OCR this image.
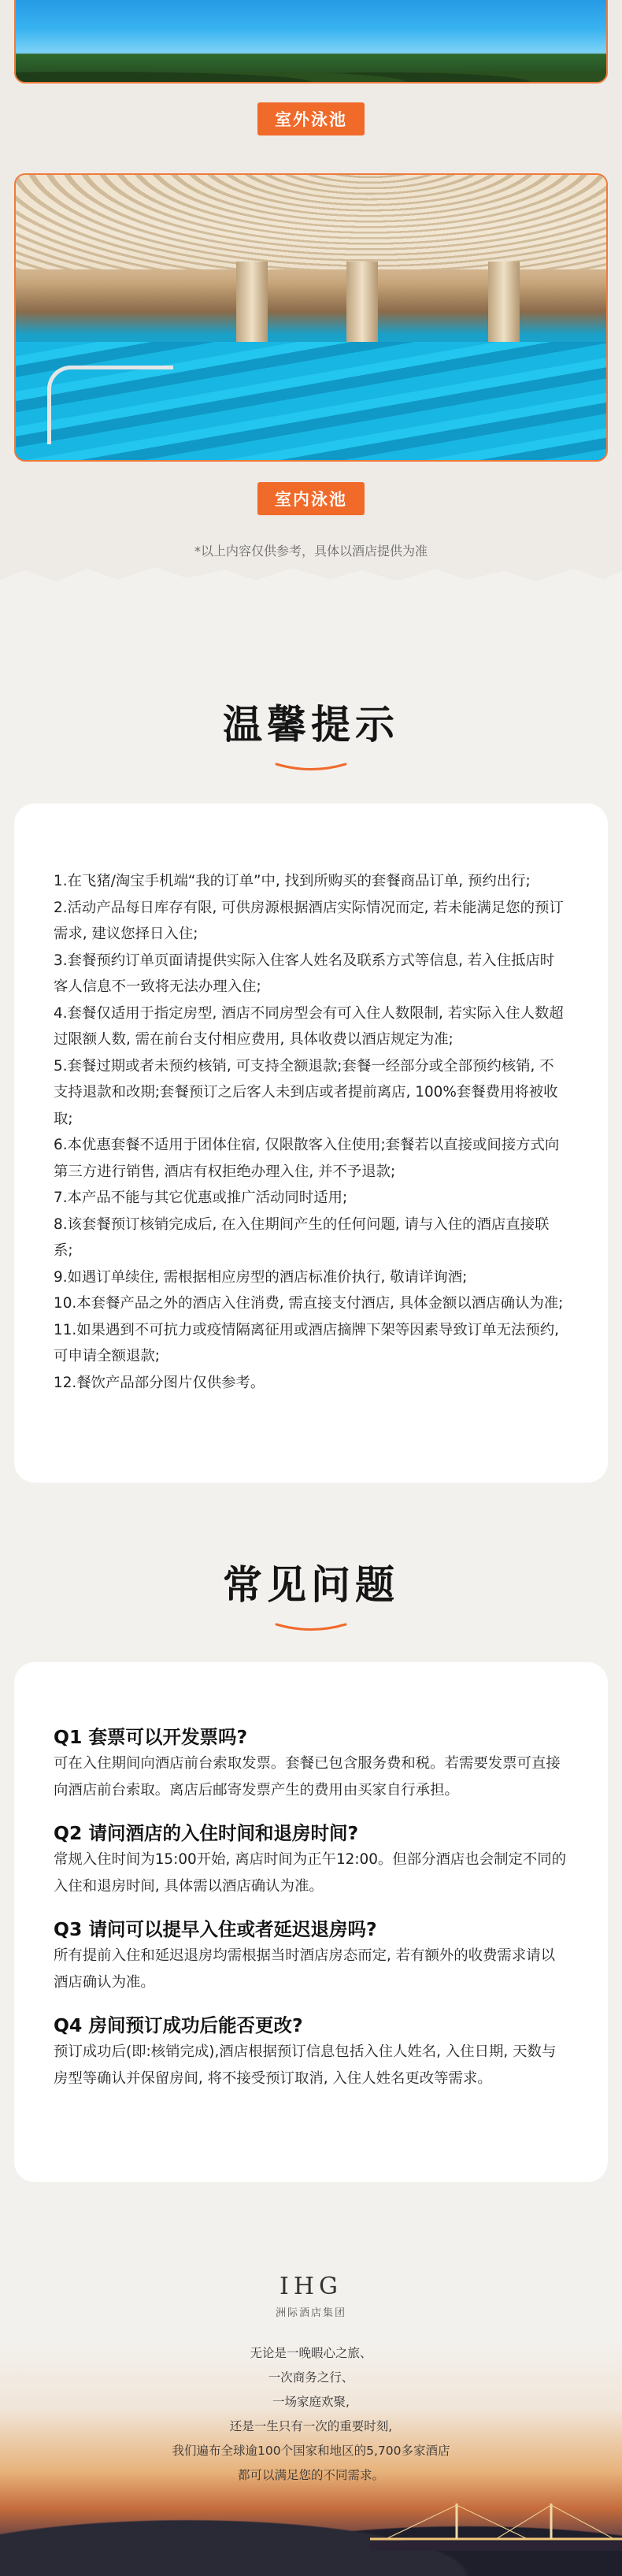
室外泳池
室内泳池
*以上内容仅供参考，具体以酒店提供为准
温馨提示

1.在飞猪/淘宝手机端“我的订单”中, 找到所购买的套餐商品订单, 预约出行;

2.活动产品每日库存有限, 可供房源根据酒店实际情况而定, 若未能满足您的预订需求, 建议您择日入住;

3.套餐预约订单页面请提供实际入住客人姓名及联系方式等信息, 若入住抵店时客人信息不一致将无法办理入住;

4.套餐仅适用于指定房型, 酒店不同房型会有可入住人数限制, 若实际入住人数超过限额人数, 需在前台支付相应费用, 具体收费以酒店规定为准;

5.套餐过期或者未预约核销, 可支持全额退款;套餐一经部分或全部预约核销, 不支持退款和改期;套餐预订之后客人未到店或者提前离店, 100%套餐费用将被收取;

6.本优惠套餐不适用于团体住宿, 仅限散客入住使用;套餐若以直接或间接方式向第三方进行销售, 酒店有权拒绝办理入住, 并不予退款;

7.本产品不能与其它优惠或推广活动同时适用;

8.该套餐预订核销完成后, 在入住期间产生的任何问题, 请与入住的酒店直接联系;

9.如遇订单续住, 需根据相应房型的酒店标准价执行, 敬请详询酒;

10.本套餐产品之外的酒店入住消费, 需直接支付酒店, 具体金额以酒店确认为准;

11.如果遇到不可抗力或疫情隔离征用或酒店摘牌下架等因素导致订单无法预约, 可申请全额退款;

12.餐饮产品部分图片仅供参考。

常见问题
Q1 套票可以开发票吗?
可在入住期间向酒店前台索取发票。套餐已包含服务费和税。若需要发票可直接向酒店前台索取。离店后邮寄发票产生的费用由买家自行承担。
Q2 请问酒店的入住时间和退房时间?
常规入住时间为15:00开始, 离店时间为正午12:00。但部分酒店也会制定不同的入住和退房时间, 具体需以酒店确认为准。
Q3 请问可以提早入住或者延迟退房吗?
所有提前入住和延迟退房均需根据当时酒店房态而定, 若有额外的收费需求请以酒店确认为准。
Q4 房间预订成功后能否更改?
预订成功后(即:核销完成),酒店根据预订信息包括入住人姓名, 入住日期, 天数与房型等确认并保留房间, 将不接受预订取消, 入住人姓名更改等需求。
IHG
洲际酒店集团
无论是一晚暇心之旅、
一次商务之行、
一场家庭欢聚,
还是一生只有一次的重要时刻,
我们遍布全球逾100个国家和地区的5,700多家酒店
都可以满足您的不同需求。
